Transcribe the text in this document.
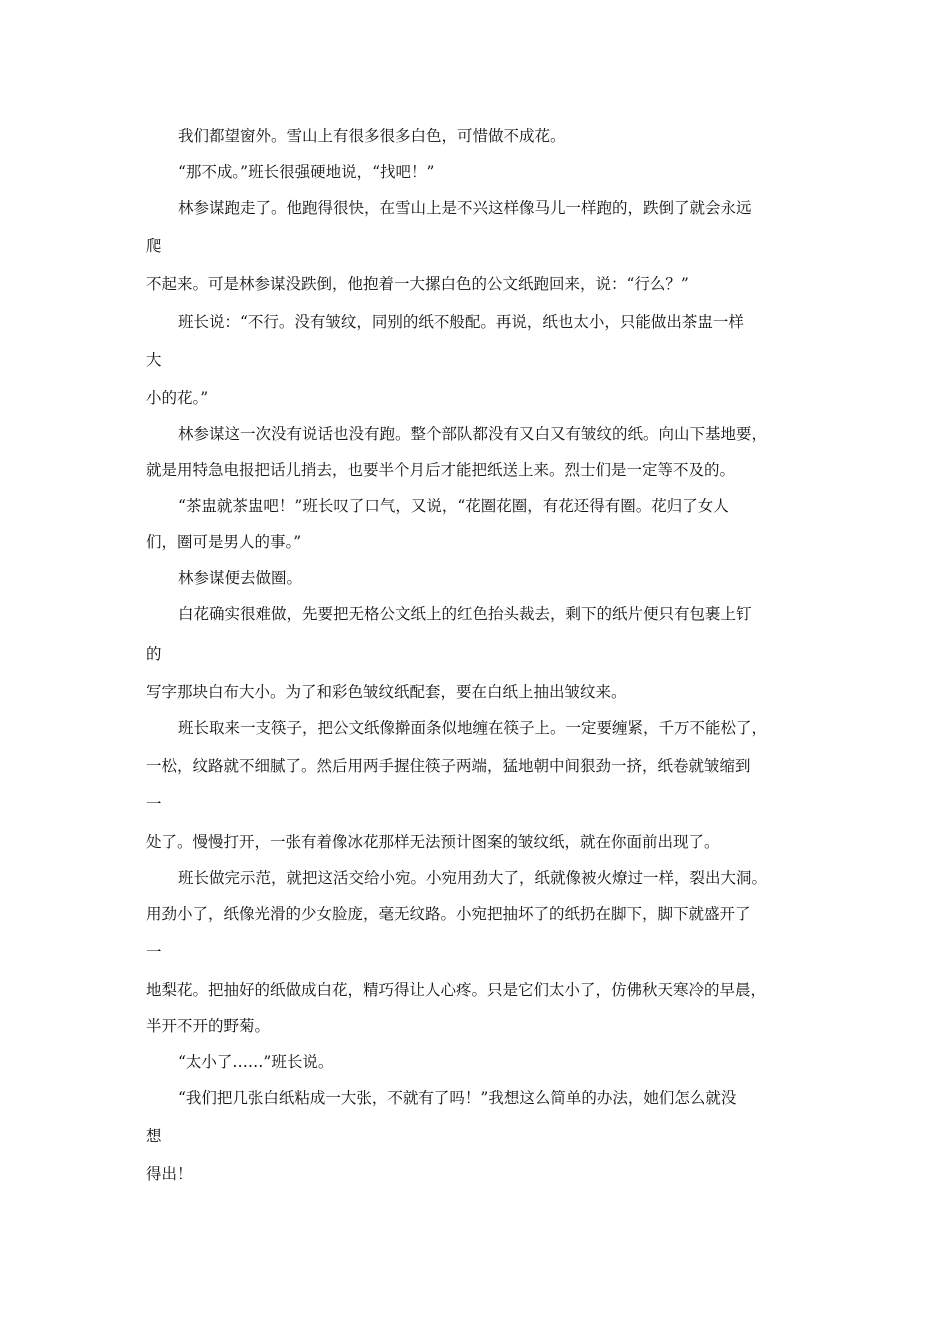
我们都望窗外。雪山上有很多很多白色，可惜做不成花。
“那不成。”班长很强硬地说，“找吧！”
林参谋跑走了。他跑得很快，在雪山上是不兴这样像马儿一样跑的，跌倒了就会永远
爬
不起来。可是林参谋没跌倒，他抱着一大摞白色的公文纸跑回来，说：“行么？”
班长说：“不行。没有皱纹，同别的纸不般配。再说，纸也太小，只能做出茶盅一样
大
小的花。”
林参谋这一次没有说话也没有跑。整个部队都没有又白又有皱纹的纸。向山下基地要，
就是用特急电报把话儿捎去，也要半个月后才能把纸送上来。烈士们是一定等不及的。
“茶盅就茶盅吧！”班长叹了口气，又说，“花圈花圈，有花还得有圈。花归了女人
们，圈可是男人的事。”
林参谋便去做圈。
白花确实很难做，先要把无格公文纸上的红色抬头裁去，剩下的纸片便只有包裹上钉
的
写字那块白布大小。为了和彩色皱纹纸配套，要在白纸上抽出皱纹来。
班长取来一支筷子，把公文纸像擀面条似地缠在筷子上。一定要缠紧，千万不能松了，
一松，纹路就不细腻了。然后用两手握住筷子两端，猛地朝中间狠劲一挤，纸卷就皱缩到
一
处了。慢慢打开，一张有着像冰花那样无法预计图案的皱纹纸，就在你面前出现了。
班长做完示范，就把这活交给小宛。小宛用劲大了，纸就像被火燎过一样，裂出大洞。
用劲小了，纸像光滑的少女脸庞，毫无纹路。小宛把抽坏了的纸扔在脚下，脚下就盛开了
一
地梨花。把抽好的纸做成白花，精巧得让人心疼。只是它们太小了，仿佛秋天寒冷的早晨，
半开不开的野菊。
“太小了……”班长说。
“我们把几张白纸粘成一大张，不就有了吗！”我想这么简单的办法，她们怎么就没
想
得出！
